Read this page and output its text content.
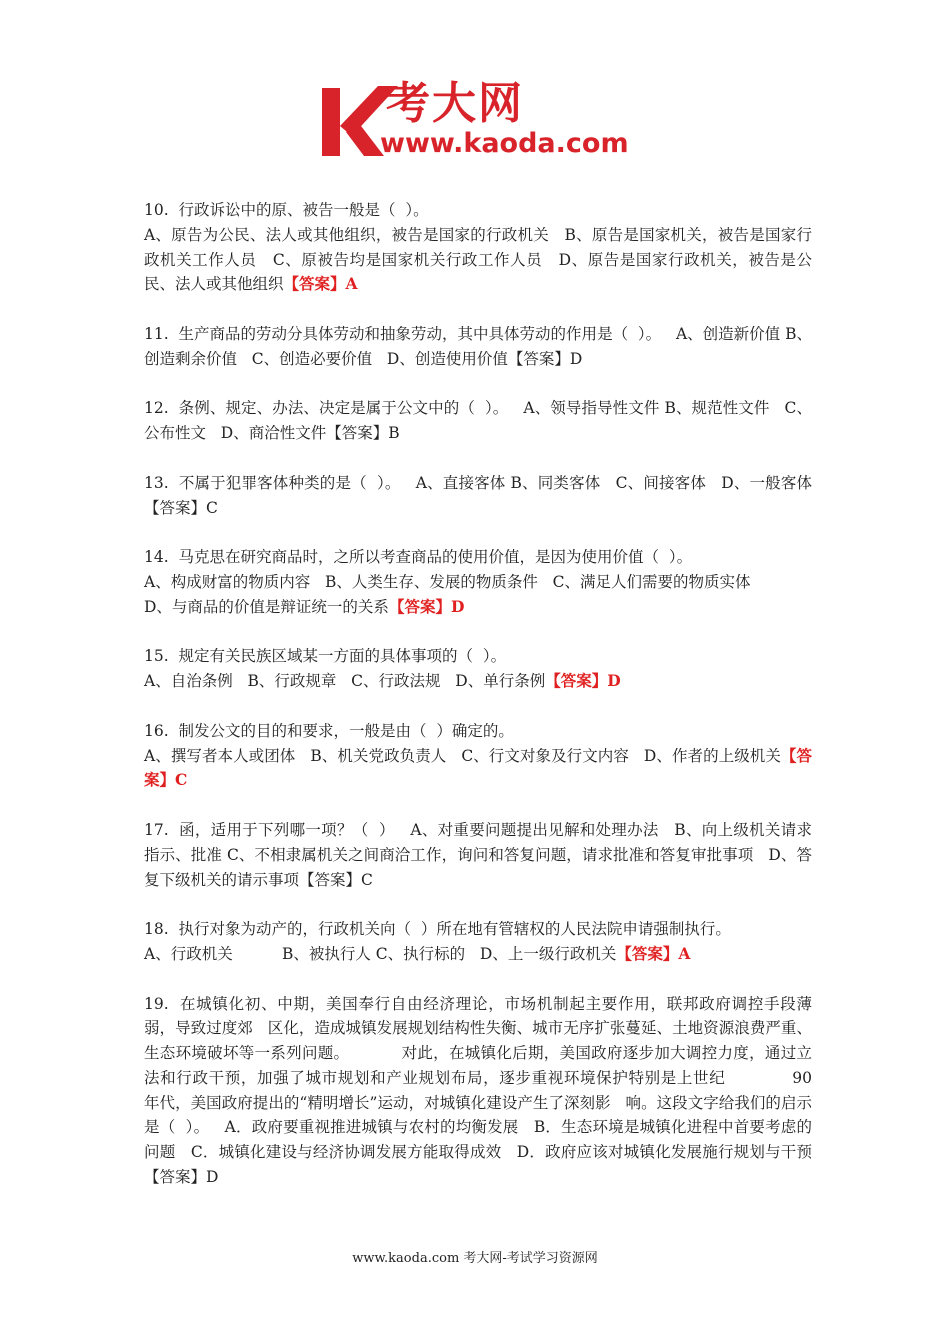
考大网
www.kaoda.com

10.  行政诉讼中的原、被告一般是（  ）。
A、原告为公民、法人或其他组织，被告是国家的行政机关   B、原告是国家机关，被告是国家行政机关工作人员   C、原被告均是国家机关行政工作人员   D、原告是国家行政机关，被告是公民、法人或其他组织【答案】A

11.  生产商品的劳动分具体劳动和抽象劳动，其中具体劳动的作用是（  ）。   A、创造新价值 B、创造剩余价值   C、创造必要价值   D、创造使用价值【答案】D

12.  条例、规定、办法、决定是属于公文中的（  ）。   A、领导指导性文件 B、规范性文件   C、公布性文   D、商洽性文件【答案】B

13.  不属于犯罪客体种类的是（  ）。   A、直接客体 B、同类客体   C、间接客体   D、一般客体【答案】C

14.  马克思在研究商品时，之所以考查商品的使用价值，是因为使用价值（  ）。
A、构成财富的物质内容   B、人类生存、发展的物质条件   C、满足人们需要的物质实体
D、与商品的价值是辩证统一的关系【答案】D

15.  规定有关民族区域某一方面的具体事项的（  ）。
A、自治条例   B、行政规章   C、行政法规   D、单行条例【答案】D

16.  制发公文的目的和要求，一般是由（  ）确定的。
A、撰写者本人或团体   B、机关党政负责人   C、行文对象及行文内容   D、作者的上级机关【答案】C

17.  函，适用于下列哪一项？（  ）   A、对重要问题提出见解和处理办法   B、向上级机关请求指示、批准 C、不相隶属机关之间商洽工作，询问和答复问题，请求批准和答复审批事项   D、答复下级机关的请示事项【答案】C

18.  执行对象为动产的，行政机关向（  ）所在地有管辖权的人民法院申请强制执行。
A、行政机关          B、被执行人 C、执行标的   D、上一级行政机关【答案】A

19.  在城镇化初、中期，美国奉行自由经济理论，市场机制起主要作用，联邦政府调控手段薄弱，导致过度郊   区化，造成城镇发展规划结构性失衡、城市无序扩张蔓延、土地资源浪费严重、生态环境破坏等一系列问题。          对此，在城镇化后期，美国政府逐步加大调控力度，通过立法和行政干预，加强了城市规划和产业规划布局，逐步重视环境保护特别是上世纪            90              年代，美国政府提出的“精明增长”运动，对城镇化建设产生了深刻影   响。这段文字给我们的启示是（  ）。   A．政府要重视推进城镇与农村的均衡发展   B．生态环境是城镇化进程中首要考虑的问题   C．城镇化建设与经济协调发展方能取得成效   D．政府应该对城镇化发展施行规划与干预【答案】D

www.kaoda.com 考大网-考试学习资源网
